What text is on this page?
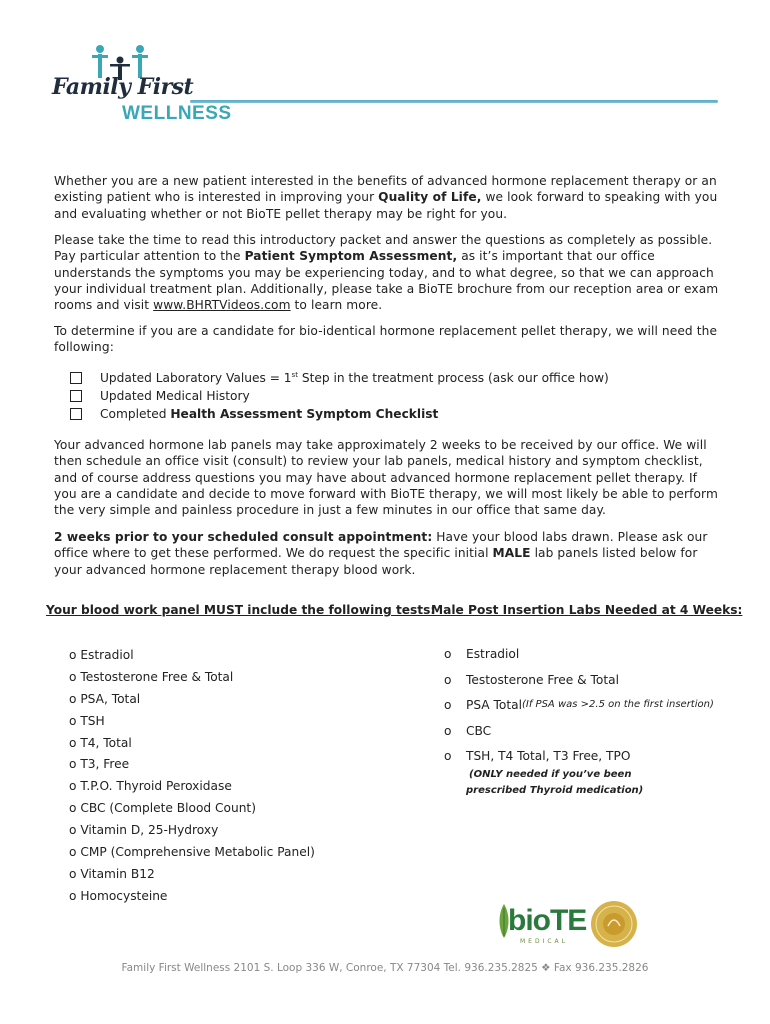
Family First
WELLNESS
Whether you are a new patient interested in the benefits of advanced hormone replacement therapy or an existing patient who is interested in improving your Quality of Life, we look forward to speaking with you and evaluating whether or not BioTE pellet therapy may be right for you.
Please take the time to read this introductory packet and answer the questions as completely as possible. Pay particular attention to the Patient Symptom Assessment, as it’s important that our office understands the symptoms you may be experiencing today, and to what degree, so that we can approach your individual treatment plan. Additionally, please take a BioTE brochure from our reception area or exam rooms and visit www.BHRTVideos.com to learn more.
To determine if you are a candidate for bio-identical hormone replacement pellet therapy, we will need the following:
Updated Laboratory Values = 1st Step in the treatment process (ask our office how)
Updated Medical History
Completed Health Assessment Symptom Checklist
Your advanced hormone lab panels may take approximately 2 weeks to be received by our office. We will then schedule an office visit (consult) to review your lab panels, medical history and symptom checklist, and of course address questions you may have about advanced hormone replacement pellet therapy. If you are a candidate and decide to move forward with BioTE therapy, we will most likely be able to perform the very simple and painless procedure in just a few minutes in our office that same day.
2 weeks prior to your scheduled consult appointment: Have your blood labs drawn. Please ask our office where to get these performed. We do request the specific initial MALE lab panels listed below for your advanced hormone replacement therapy blood work.
Your blood work panel MUST include the following tests:
Male Post Insertion Labs Needed at 4 Weeks:
o Estradiol
o Testosterone Free & Total
o PSA, Total
o TSH
o T4, Total
o T3, Free
o T.P.O. Thyroid Peroxidase
o CBC (Complete Blood Count)
o Vitamin D, 25-Hydroxy
o CMP (Comprehensive Metabolic Panel)
o Vitamin B12
o Homocysteine
o	Estradiol
o	Testosterone Free & Total
o	PSA Total (If PSA was >2.5 on the first insertion)
o	CBC
o	TSH, T4 Total, T3 Free, TPO
(ONLY needed if you’ve been
prescribed Thyroid medication)
bioTE
MEDICAL
Family First Wellness 2101 S. Loop 336 W, Conroe, TX 77304 Tel. 936.235.2825 ❖ Fax 936.235.2826
